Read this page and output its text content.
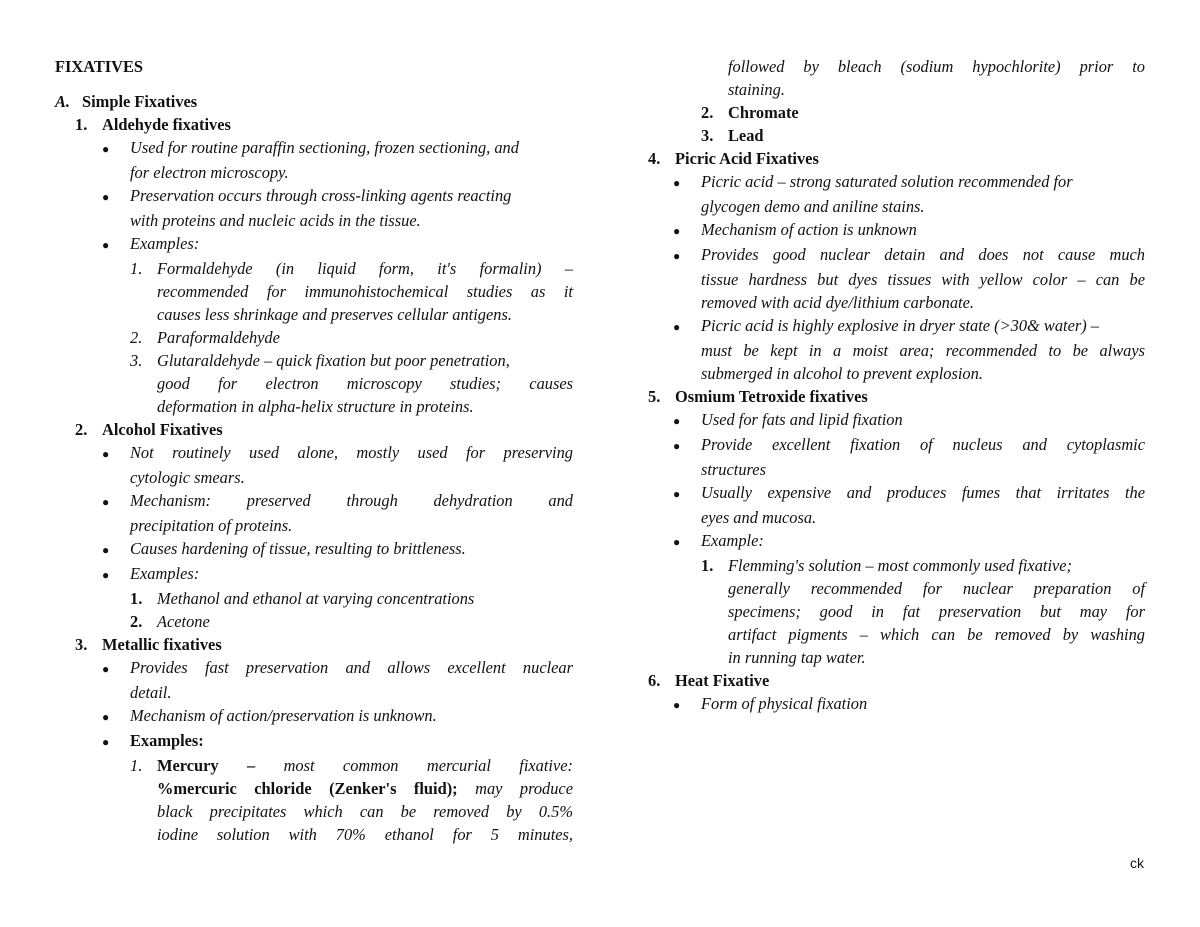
FIXATIVES
A. Simple Fixatives
1. Aldehyde fixatives
● Used for routine paraffin sectioning, frozen sectioning, and
for electron microscopy.
● Preservation occurs through cross-linking agents reacting
with proteins and nucleic acids in the tissue.
● Examples:
1. Formaldehyde (in liquid form, it's formalin) –
recommended for immunohistochemical studies as it
causes less shrinkage and preserves cellular antigens.
2. Paraformaldehyde
3. Glutaraldehyde – quick fixation but poor penetration,
good for electron microscopy studies; causes
deformation in alpha-helix structure in proteins.
2. Alcohol Fixatives
● Not routinely used alone, mostly used for preserving
cytologic smears.
● Mechanism: preserved through dehydration and
precipitation of proteins.
● Causes hardening of tissue, resulting to brittleness.
● Examples:
1. Methanol and ethanol at varying concentrations
2. Acetone
3. Metallic fixatives
● Provides fast preservation and allows excellent nuclear
detail.
● Mechanism of action/preservation is unknown.
● Examples:
1. Mercury – most common mercurial fixative:
%mercuric chloride (Zenker's fluid); may produce
black precipitates which can be removed by 0.5%
iodine solution with 70% ethanol for 5 minutes,
followed by bleach (sodium hypochlorite) prior to
staining.
2. Chromate
3. Lead
4. Picric Acid Fixatives
● Picric acid – strong saturated solution recommended for
glycogen demo and aniline stains.
● Mechanism of action is unknown
● Provides good nuclear detain and does not cause much
tissue hardness but dyes tissues with yellow color – can be
removed with acid dye/lithium carbonate.
● Picric acid is highly explosive in dryer state (>30& water) –
must be kept in a moist area; recommended to be always
submerged in alcohol to prevent explosion.
5. Osmium Tetroxide fixatives
● Used for fats and lipid fixation
● Provide excellent fixation of nucleus and cytoplasmic
structures
● Usually expensive and produces fumes that irritates the
eyes and mucosa.
● Example:
1. Flemming's solution – most commonly used fixative;
generally recommended for nuclear preparation of
specimens; good in fat preservation but may for
artifact pigments – which can be removed by washing
in running tap water.
6. Heat Fixative
● Form of physical fixation
ck
